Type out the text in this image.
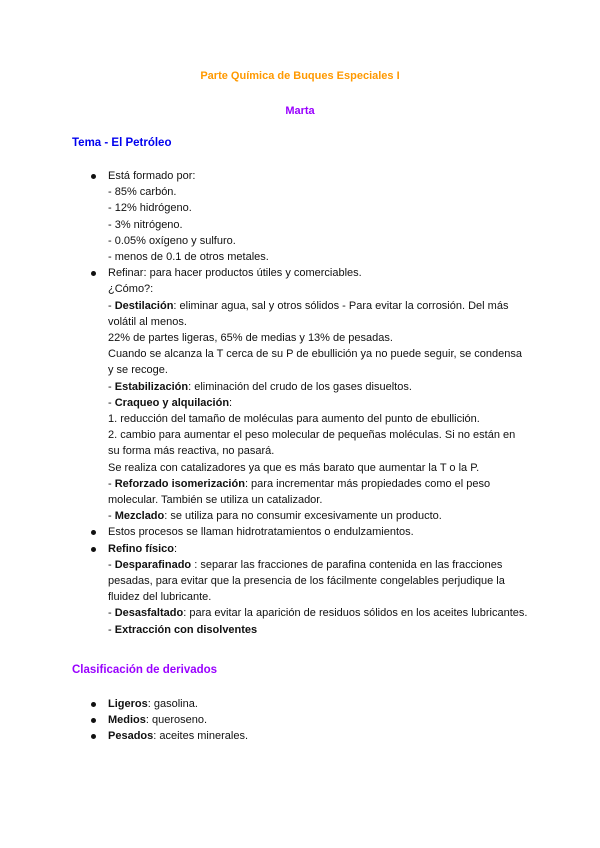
Parte Química de Buques Especiales I
Marta
Tema - El Petróleo
Está formado por:
- 85% carbón.
- 12% hidrógeno.
- 3% nitrógeno.
- 0.05% oxígeno y sulfuro.
- menos de 0.1 de otros metales.
Refinar: para hacer productos útiles y comerciables.
¿Cómo?:
- Destilación: eliminar agua, sal y otros sólidos - Para evitar la corrosión. Del más volátil al menos.
22% de partes ligeras, 65% de medias y 13% de pesadas.
Cuando se alcanza la T cerca de su P de ebullición ya no puede seguir, se condensa y se recoge.
- Estabilización: eliminación del crudo de los gases disueltos.
- Craqueo y alquilación:
1. reducción del tamaño de moléculas para aumento del punto de ebullición.
2. cambio para aumentar el peso molecular de pequeñas moléculas. Si no están en su forma más reactiva, no pasará.
Se realiza con catalizadores ya que es más barato que aumentar la T o la P.
- Reforzado isomerización: para incrementar más propiedades como el peso molecular. También se utiliza un catalizador.
- Mezclado: se utiliza para no consumir excesivamente un producto.
Estos procesos se llaman hidrotratamientos o endulzamientos.
Refino físico:
- Desparafinado : separar las fracciones de parafina contenida en las fracciones pesadas, para evitar que la presencia de los fácilmente congelables perjudique la fluidez del lubricante.
- Desasfaltado: para evitar la aparición de residuos sólidos en los aceites lubricantes.
- Extracción con disolventes
Clasificación de derivados
Ligeros: gasolina.
Medios: queroseno.
Pesados: aceites minerales.
